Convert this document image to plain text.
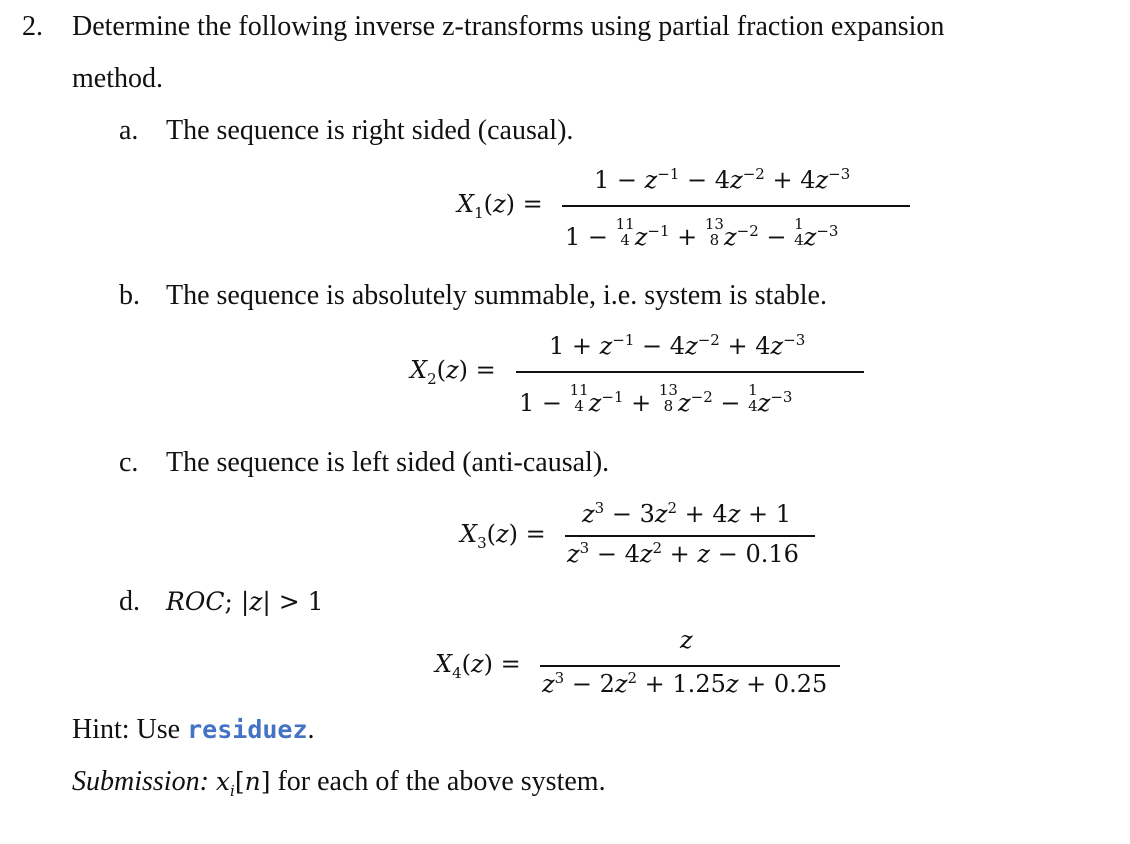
2. Determine the following inverse z-transforms using partial fraction expansion
method.
a. The sequence is right sided (causal).
$X_1(z)$ =
$1 - z^{-1} - 4z^{-2} + 4z^{-3}$
1 − 11
4 $z^{-1} + 13$
8 $z^{-2} - 1$
$4z^{-3}$
b. The sequence is absolutely summable, i.e. system is stable.
$X_2(z)$ =
$1 + z^{-1} - 4z^{-2} + 4z^{-3}$
1 − 11
4 $z^{-1} + 13$
8 $z^{-2} - 1$
$4z^{-3}$
c. The sequence is left sided (anti-causal).
$X_3(z)$ =
$z^3 - 3z^2 + 4z + 1$
$z^3 - 4z^2 + z - 0.16$
d. ROC; |z| > 1
$X_4(z)$ =
z
$z^3 - 2z^2 + 1.25z + 0.25$
Hint: Use residuez.
Submission: $x_i[n]$ for each of the above system.
